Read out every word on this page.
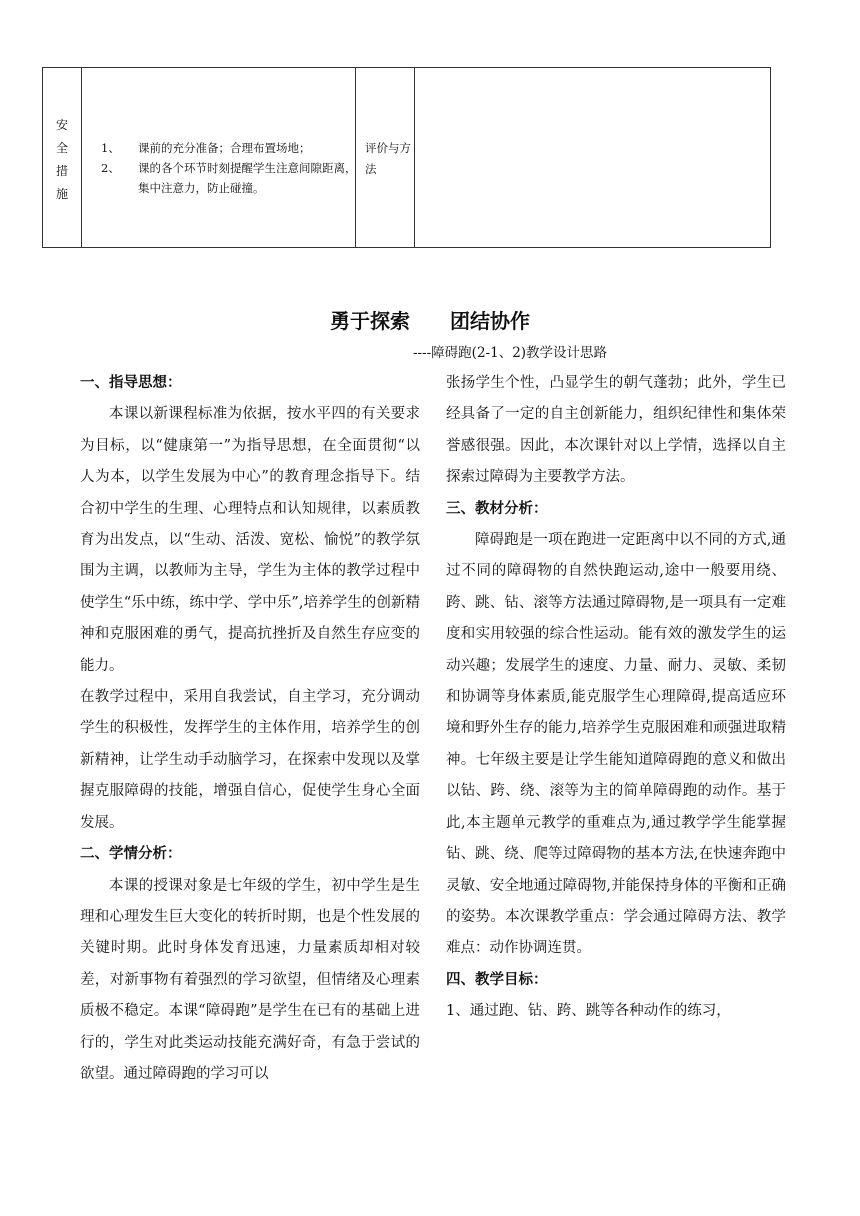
安
全
措
施
1、 课前的充分准备；合理布置场地；
2、 课的各个环节时刻提醒学生注意间隙距离，集中注意力，防止碰撞。
评价与方法
勇于探索　　团结协作
----障碍跑(2-1、2)教学设计思路

一、指导思想：

本课以新课程标准为依据，按水平四的有关要求为目标，以“健康第一”为指导思想，在全面贯彻“以人为本，以学生发展为中心”的教育理念指导下。结合初中学生的生理、心理特点和认知规律，以素质教育为出发点，以“生动、活泼、宽松、愉悦”的教学氛围为主调，以教师为主导，学生为主体的教学过程中使学生“乐中练，练中学、学中乐”,培养学生的创新精神和克服困难的勇气，提高抗挫折及自然生存应变的能力。

在教学过程中，采用自我尝试，自主学习，充分调动学生的积极性，发挥学生的主体作用，培养学生的创新精神，让学生动手动脑学习，在探索中发现以及掌握克服障碍的技能，增强自信心，促使学生身心全面发展。

二、学情分析：

本课的授课对象是七年级的学生，初中学生是生理和心理发生巨大变化的转折时期，也是个性发展的关键时期。此时身体发育迅速，力量素质却相对较差，对新事物有着强烈的学习欲望，但情绪及心理素质极不稳定。本课“障碍跑”是学生在已有的基础上进行的，学生对此类运动技能充满好奇，有急于尝试的欲望。通过障碍跑的学习可以

张扬学生个性，凸显学生的朝气蓬勃；此外，学生已经具备了一定的自主创新能力，组织纪律性和集体荣誉感很强。因此，本次课针对以上学情，选择以自主探索过障碍为主要教学方法。

三、教材分析：

障碍跑是一项在跑进一定距离中以不同的方式,通过不同的障碍物的自然快跑运动,途中一般要用绕、跨、跳、钻、滚等方法通过障碍物,是一项具有一定难度和实用较强的综合性运动。能有效的激发学生的运动兴趣；发展学生的速度、力量、耐力、灵敏、柔韧和协调等身体素质,能克服学生心理障碍,提高适应环境和野外生存的能力,培养学生克服困难和顽强进取精神。七年级主要是让学生能知道障碍跑的意义和做出以钻、跨、绕、滚等为主的简单障碍跑的动作。基于此,本主题单元教学的重难点为,通过教学学生能掌握钻、跳、绕、爬等过障碍物的基本方法,在快速奔跑中灵敏、安全地通过障碍物,并能保持身体的平衡和正确的姿势。本次课教学重点：学会通过障碍方法、教学难点：动作协调连贯。

四、教学目标：

1、通过跑、钻、跨、跳等各种动作的练习，
